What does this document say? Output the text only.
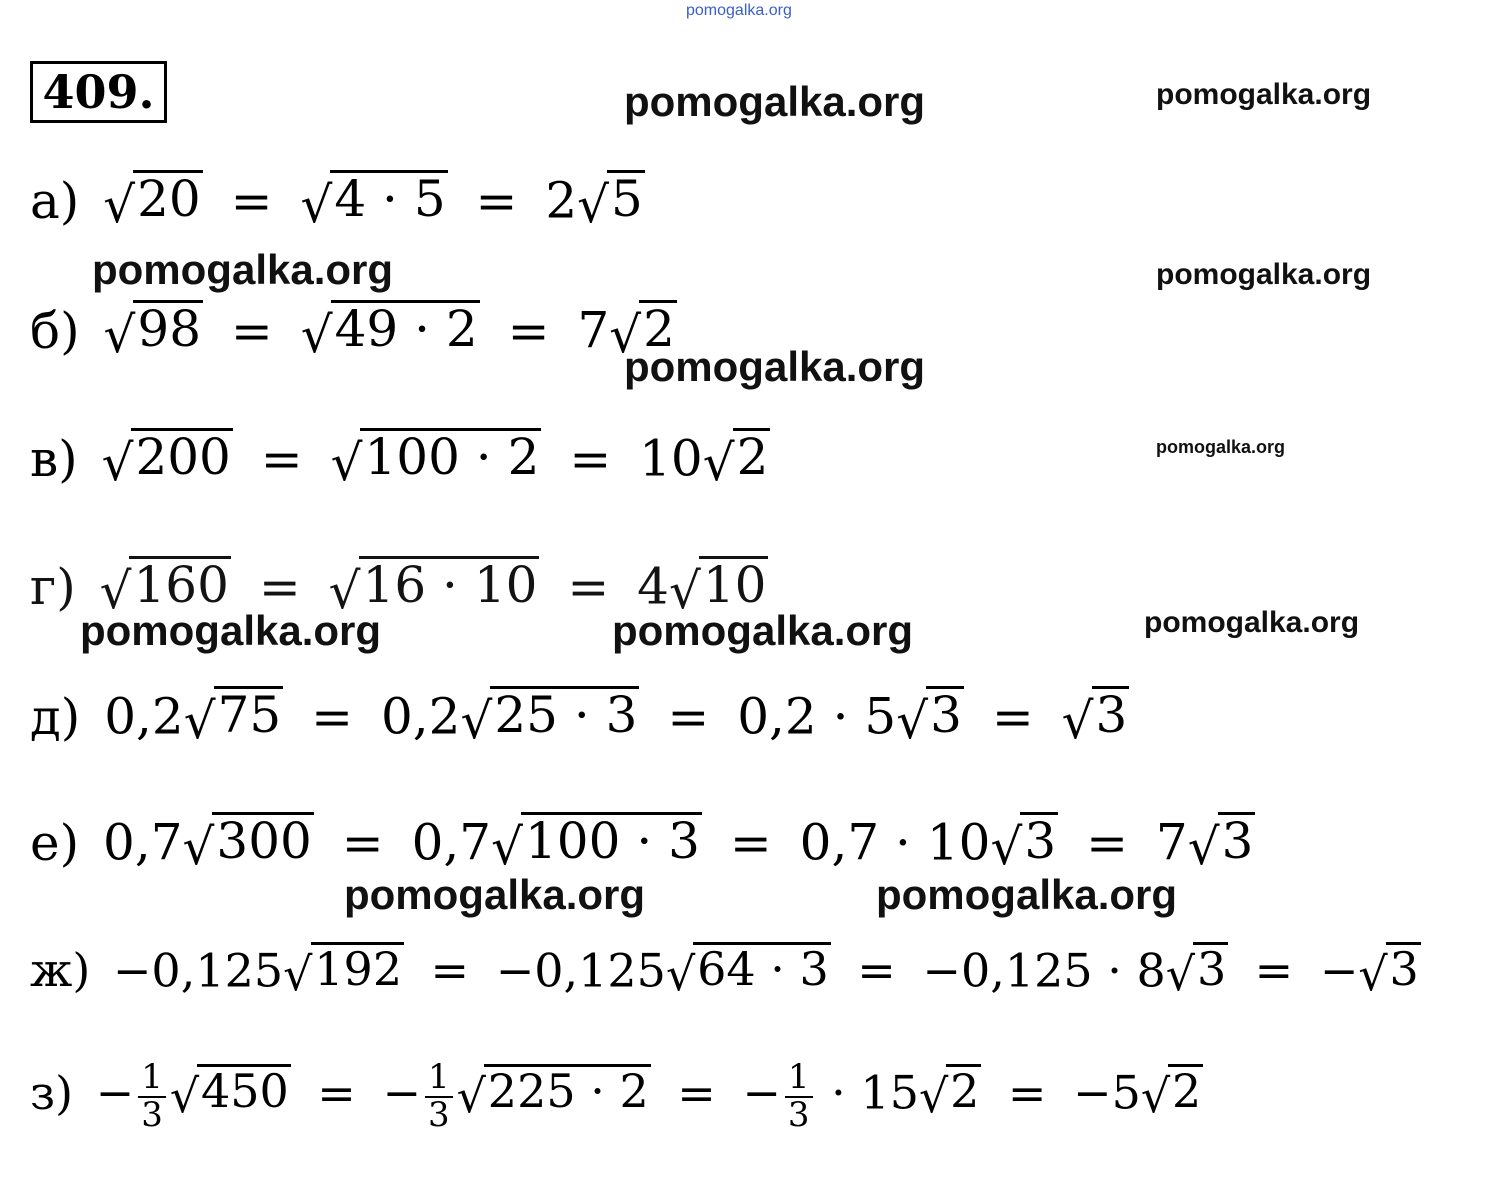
pomogalka.org
409.	pomogalka.org	pomogalka.org
pomogalka.org	pomogalka.org
pomogalka.org
pomogalka.org
pomogalka.org	pomogalka.org	pomogalka.org
pomogalka.org	pomogalka.org
а) √ 20 = √ 4 · 5 = 2 √ 5
б) √ 98 = √ 49 · 2 = 7 √ 2
в) √ 200 = √ 100 · 2 = 10 √ 2
г) √ 160 = √ 16 · 10 = 4 √ 10
д) 0,2 √ 75 = 0,2 √ 25 · 3 = 0,2 · 5 √ 3 = √ 3
е) 0,7 √ 300 = 0,7 √ 100 · 3 = 0,7 · 10 √ 3 = 7 √ 3
ж) −0,125 √ 192 = −0,125 √ 64 · 3 = −0,125 · 8 √ 3 = − √ 3
$з) - \frac{1}{3}$ √ 450 = − $\frac{1}{3}$ √ 225 · 2 = − $\frac{1}{3} \cdot 15$ √ 2 = −5 √ 2
